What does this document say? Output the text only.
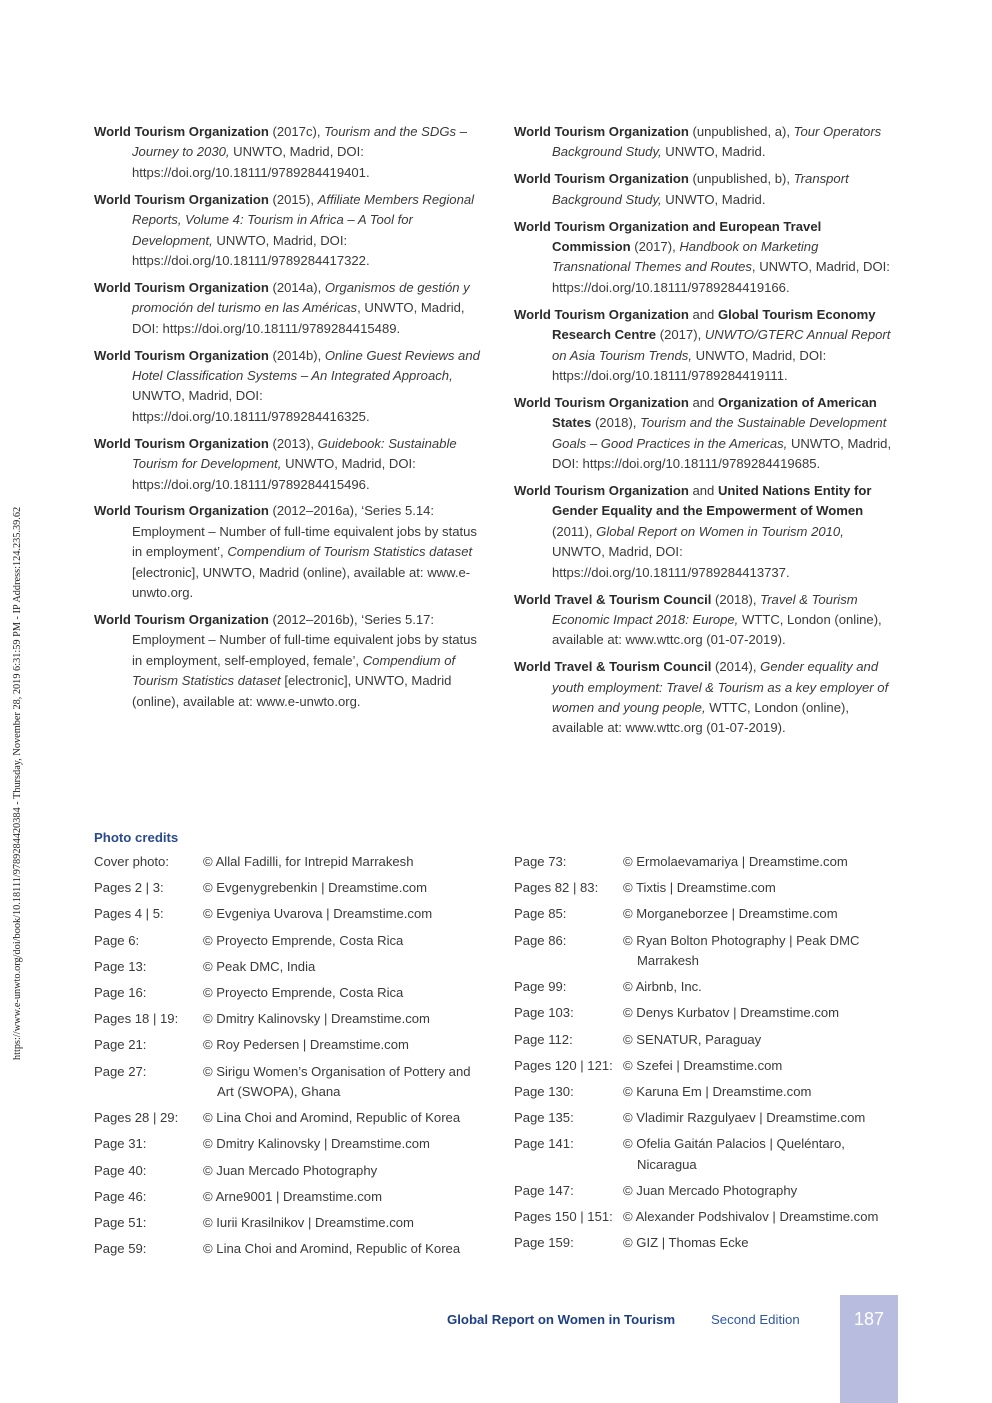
https://www.e-unwto.org/doi/book/10.18111/9789284420384 - Thursday, November 28, 2019 6:31:59 PM - IP Address:124.235.39.62
World Tourism Organization (2017c), Tourism and the SDGs – Journey to 2030, UNWTO, Madrid, DOI: https://doi.org/10.18111/9789284419401.
World Tourism Organization (2015), Affiliate Members Regional Reports, Volume 4: Tourism in Africa – A Tool for Development, UNWTO, Madrid, DOI: https://doi.org/10.18111/9789284417322.
World Tourism Organization (2014a), Organismos de gestión y promoción del turismo en las Américas, UNWTO, Madrid, DOI: https://doi.org/10.18111/9789284415489.
World Tourism Organization (2014b), Online Guest Reviews and Hotel Classification Systems – An Integrated Approach, UNWTO, Madrid, DOI: https://doi.org/10.18111/9789284416325.
World Tourism Organization (2013), Guidebook: Sustainable Tourism for Development, UNWTO, Madrid, DOI: https://doi.org/10.18111/9789284415496.
World Tourism Organization (2012–2016a), ‘Series 5.14: Employment – Number of full-time equivalent jobs by status in employment’, Compendium of Tourism Statistics dataset [electronic], UNWTO, Madrid (online), available at: www.e-unwto.org.
World Tourism Organization (2012–2016b), ‘Series 5.17: Employment – Number of full-time equivalent jobs by status in employment, self-employed, female’, Compendium of Tourism Statistics dataset [electronic], UNWTO, Madrid (online), available at: www.e-unwto.org.
World Tourism Organization (unpublished, a), Tour Operators Background Study, UNWTO, Madrid.
World Tourism Organization (unpublished, b), Transport Background Study, UNWTO, Madrid.
World Tourism Organization and European Travel Commission (2017), Handbook on Marketing Transnational Themes and Routes, UNWTO, Madrid, DOI: https://doi.org/10.18111/9789284419166.
World Tourism Organization and Global Tourism Economy Research Centre (2017), UNWTO/GTERC Annual Report on Asia Tourism Trends, UNWTO, Madrid, DOI: https://doi.org/10.18111/9789284419111.
World Tourism Organization and Organization of American States (2018), Tourism and the Sustainable Development Goals – Good Practices in the Americas, UNWTO, Madrid, DOI: https://doi.org/10.18111/9789284419685.
World Tourism Organization and United Nations Entity for Gender Equality and the Empowerment of Women (2011), Global Report on Women in Tourism 2010, UNWTO, Madrid, DOI: https://doi.org/10.18111/9789284413737.
World Travel & Tourism Council (2018), Travel & Tourism Economic Impact 2018: Europe, WTTC, London (online), available at: www.wttc.org (01-07-2019).
World Travel & Tourism Council (2014), Gender equality and youth employment: Travel & Tourism as a key employer of women and young people, WTTC, London (online), available at: www.wttc.org (01-07-2019).
Photo credits
Cover photo:	© Allal Fadilli, for Intrepid Marrakesh
Pages 2 | 3:	© Evgenygrebenkin | Dreamstime.com
Pages 4 | 5:	© Evgeniya Uvarova | Dreamstime.com
Page 6:	© Proyecto Emprende, Costa Rica
Page 13:	© Peak DMC, India
Page 16:	© Proyecto Emprende, Costa Rica
Pages 18 | 19:	© Dmitry Kalinovsky | Dreamstime.com
Page 21:	© Roy Pedersen | Dreamstime.com
Page 27:	© Sirigu Women’s Organisation of Pottery and Art (SWOPA), Ghana
Pages 28 | 29:	© Lina Choi and Aromind, Republic of Korea
Page 31:	© Dmitry Kalinovsky | Dreamstime.com
Page 40:	© Juan Mercado Photography
Page 46:	© Arne9001 | Dreamstime.com
Page 51:	© Iurii Krasilnikov | Dreamstime.com
Page 59:	© Lina Choi and Aromind, Republic of Korea
Page 73:	© Ermolaevamariya | Dreamstime.com
Pages 82 | 83:	© Tixtis | Dreamstime.com
Page 85:	© Morganeborzee | Dreamstime.com
Page 86:	© Ryan Bolton Photography | Peak DMC Marrakesh
Page 99:	© Airbnb, Inc.
Page 103:	© Denys Kurbatov | Dreamstime.com
Page 112:	© SENATUR, Paraguay
Pages 120 | 121: © Szefei | Dreamstime.com
Page 130:	© Karuna Em | Dreamstime.com
Page 135:	© Vladimir Razgulyaev | Dreamstime.com
Page 141:	© Ofelia Gaitán Palacios | Queléntaro, Nicaragua
Page 147:	© Juan Mercado Photography
Pages 150 | 151: © Alexander Podshivalov | Dreamstime.com
Page 159:	© GIZ | Thomas Ecke
Global Report on Women in Tourism	Second Edition	187
